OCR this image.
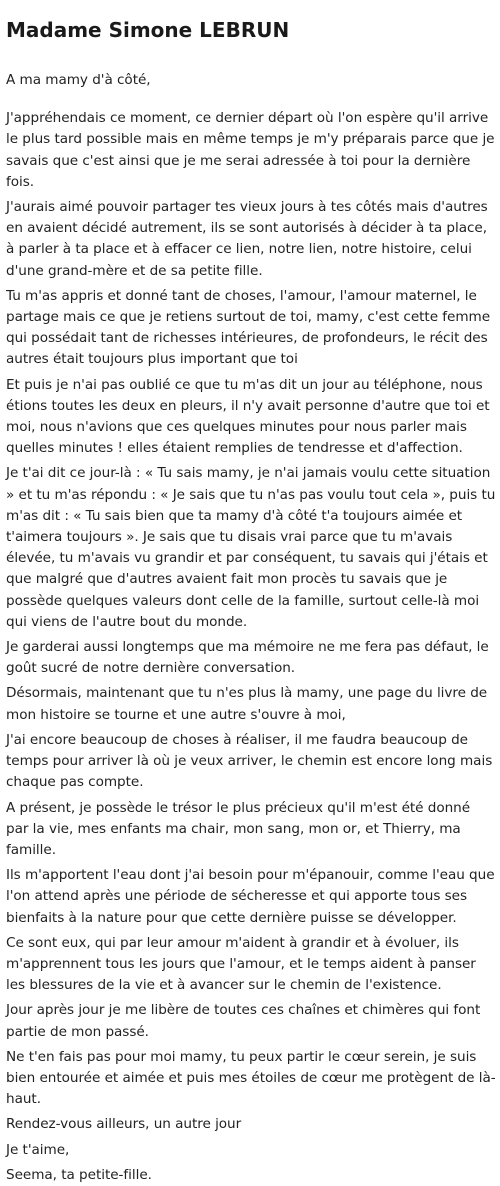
Madame Simone LEBRUN

A ma mamy d'à côté,

J'appréhendais ce moment, ce dernier départ où l'on espère qu'il arrive le plus tard possible mais en même temps je m'y préparais parce que je savais que c'est ainsi que je me serai adressée à toi pour la dernière fois.

J'aurais aimé pouvoir partager tes vieux jours à tes côtés mais d'autres en avaient décidé autrement, ils se sont autorisés à décider à ta place, à parler à ta place et à effacer ce lien, notre lien, notre histoire, celui d'une grand-mère et de sa petite fille.

Tu m'as appris et donné tant de choses, l'amour, l'amour maternel, le partage mais ce que je retiens surtout de toi, mamy, c'est cette femme qui possédait tant de richesses intérieures, de profondeurs, le récit des autres était toujours plus important que toi

Et puis je n'ai pas oublié ce que tu m'as dit un jour au téléphone, nous étions toutes les deux en pleurs, il n'y avait personne d'autre que toi et moi, nous n'avions que ces quelques minutes pour nous parler mais quelles minutes ! elles étaient remplies de tendresse et d'affection.

Je t'ai dit ce jour-là : « Tu sais mamy, je n'ai jamais voulu cette situation » et tu m'as répondu : « Je sais que tu n'as pas voulu tout cela », puis tu m'as dit : « Tu sais bien que ta mamy d'à côté t'a toujours aimée et t'aimera toujours ». Je sais que tu disais vrai parce que tu m'avais élevée, tu m'avais vu grandir et par conséquent, tu savais qui j'étais et que malgré que d'autres avaient fait mon procès tu savais que je possède quelques valeurs dont celle de la famille, surtout celle-là moi qui viens de l'autre bout du monde.

Je garderai aussi longtemps que ma mémoire ne me fera pas défaut, le goût sucré de notre dernière conversation.

Désormais, maintenant que tu n'es plus là mamy, une page du livre de mon histoire se tourne et une autre s'ouvre à moi,

J'ai encore beaucoup de choses à réaliser, il me faudra beaucoup de temps pour arriver là où je veux arriver, le chemin est encore long mais chaque pas compte.

A présent, je possède le trésor le plus précieux qu'il m'est été donné par la vie, mes enfants ma chair, mon sang, mon or, et Thierry, ma famille.

Ils m'apportent l'eau dont j'ai besoin pour m'épanouir, comme l'eau que l'on attend après une période de sécheresse et qui apporte tous ses bienfaits à la nature pour que cette dernière puisse se développer.

Ce sont eux, qui par leur amour m'aident à grandir et à évoluer, ils m'apprennent tous les jours que l'amour, et le temps aident à panser les blessures de la vie et à avancer sur le chemin de l'existence.

Jour après jour je me libère de toutes ces chaînes et chimères qui font partie de mon passé.

Ne t'en fais pas pour moi mamy, tu peux partir le cœur serein, je suis bien entourée et aimée et puis mes étoiles de cœur me protègent de là-haut.

Rendez-vous ailleurs, un autre jour

Je t'aime,

Seema, ta petite-fille.
